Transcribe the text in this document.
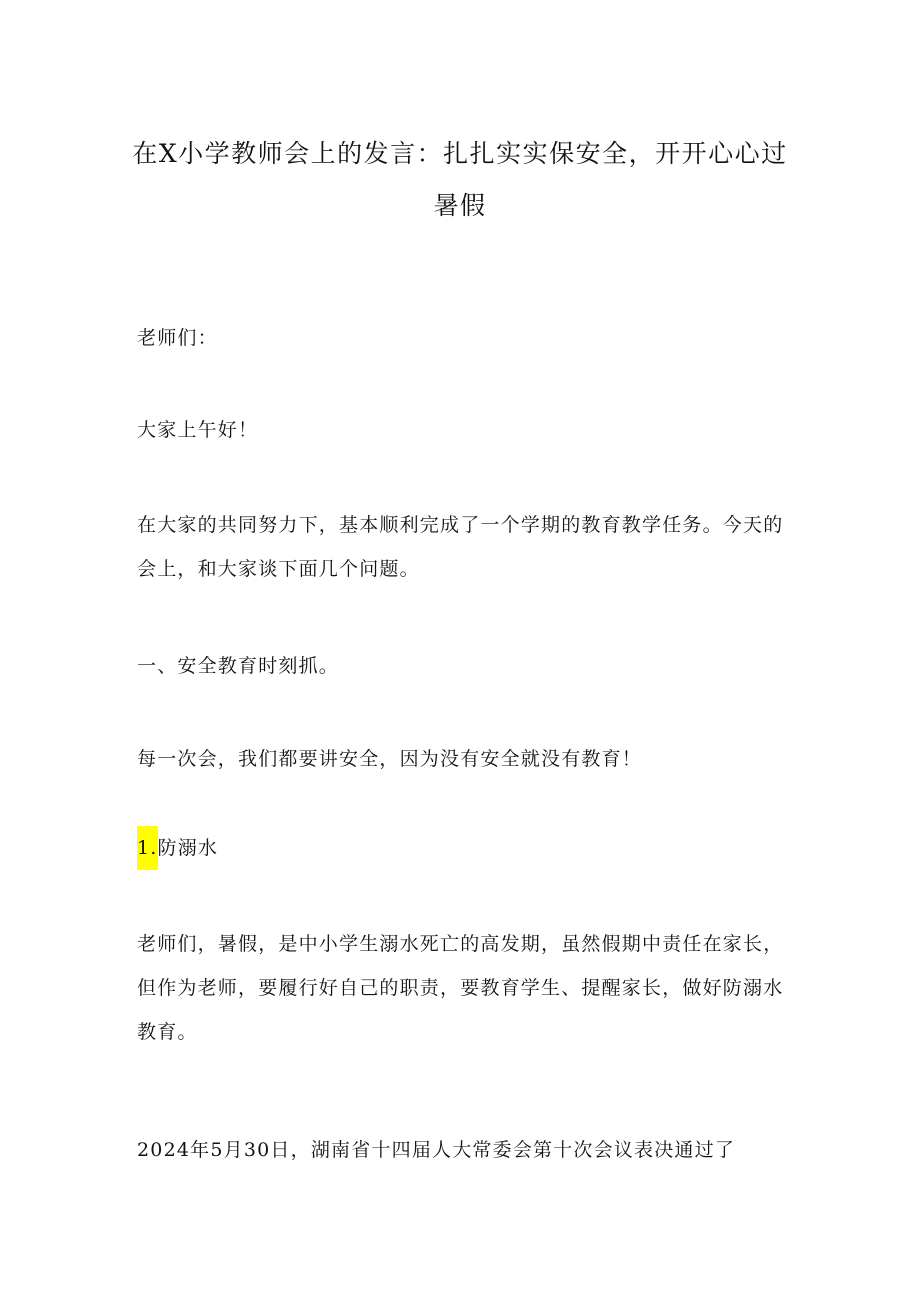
在X小学教师会上的发言：扎扎实实保安全，开开心心过暑假

老师们：

大家上午好！

在大家的共同努力下，基本顺利完成了一个学期的教育教学任务。今天的会上，和大家谈下面几个问题。

一、安全教育时刻抓。

每一次会，我们都要讲安全，因为没有安全就没有教育！

1.防溺水

老师们，暑假，是中小学生溺水死亡的高发期，虽然假期中责任在家长，但作为老师，要履行好自己的职责，要教育学生、提醒家长，做好防溺水教育。

2024年5月30日，湖南省十四届人大常委会第十次会议表决通过了
